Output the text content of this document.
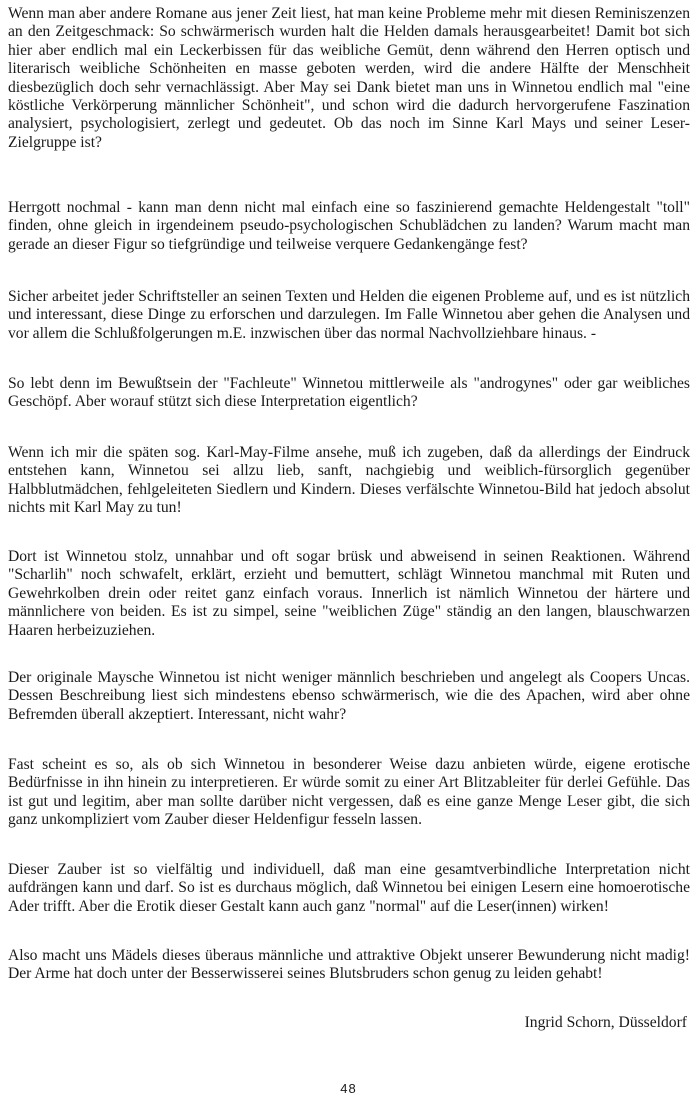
Wenn man aber andere Romane aus jener Zeit liest, hat man keine Probleme mehr mit diesen Reminiszenzen an den Zeitgeschmack: So schwärmerisch wurden halt die Helden damals herausgearbeitet! Damit bot sich hier aber endlich mal ein Leckerbissen für das weibliche Gemüt, denn während den Herren optisch und literarisch weibliche Schönheiten en masse geboten werden, wird die andere Hälfte der Menschheit diesbezüglich doch sehr vernachlässigt. Aber May sei Dank bietet man uns in Winnetou endlich mal "eine köstliche Verkörperung männlicher Schönheit", und schon wird die dadurch hervorgerufene Faszination analysiert, psychologisiert, zerlegt und gedeutet. Ob das noch im Sinne Karl Mays und seiner Leser-Zielgruppe ist?

Herrgott nochmal - kann man denn nicht mal einfach eine so faszinierend gemachte Heldengestalt "toll" finden, ohne gleich in irgendeinem pseudo-psychologischen Schublädchen zu landen? Warum macht man gerade an dieser Figur so tiefgründige und teilweise verquere Gedankengänge fest?

Sicher arbeitet jeder Schriftsteller an seinen Texten und Helden die eigenen Probleme auf, und es ist nützlich und interessant, diese Dinge zu erforschen und darzulegen. Im Falle Winnetou aber gehen die Analysen und vor allem die Schlußfolgerungen m.E. inzwischen über das normal Nachvollziehbare hinaus. -

So lebt denn im Bewußtsein der "Fachleute" Winnetou mittlerweile als "androgynes" oder gar weibliches Geschöpf. Aber worauf stützt sich diese Interpretation eigentlich?

Wenn ich mir die späten sog. Karl-May-Filme ansehe, muß ich zugeben, daß da allerdings der Eindruck entstehen kann, Winnetou sei allzu lieb, sanft, nachgiebig und weiblich-fürsorglich gegenüber Halbblutmädchen, fehlgeleiteten Siedlern und Kindern. Dieses verfälschte Winnetou-Bild hat jedoch absolut nichts mit Karl May zu tun!

Dort ist Winnetou stolz, unnahbar und oft sogar brüsk und abweisend in seinen Reaktionen. Während "Scharlih" noch schwafelt, erklärt, erzieht und bemuttert, schlägt Winnetou manchmal mit Ruten und Gewehrkolben drein oder reitet ganz einfach voraus. Innerlich ist nämlich Winnetou der härtere und männlichere von beiden. Es ist zu simpel, seine "weiblichen Züge" ständig an den langen, blauschwarzen Haaren herbeizuziehen.

Der originale Maysche Winnetou ist nicht weniger männlich beschrieben und angelegt als Coopers Uncas. Dessen Beschreibung liest sich mindestens ebenso schwärmerisch, wie die des Apachen, wird aber ohne Befremden überall akzeptiert. Interessant, nicht wahr?

Fast scheint es so, als ob sich Winnetou in besonderer Weise dazu anbieten würde, eigene erotische Bedürfnisse in ihn hinein zu interpretieren. Er würde somit zu einer Art Blitzableiter für derlei Gefühle. Das ist gut und legitim, aber man sollte darüber nicht vergessen, daß es eine ganze Menge Leser gibt, die sich ganz unkompliziert vom Zauber dieser Heldenfigur fesseln lassen.

Dieser Zauber ist so vielfältig und individuell, daß man eine gesamtverbindliche Interpretation nicht aufdrängen kann und darf. So ist es durchaus möglich, daß Winnetou bei einigen Lesern eine homoerotische Ader trifft. Aber die Erotik dieser Gestalt kann auch ganz "normal" auf die Leser(innen) wirken!

Also macht uns Mädels dieses überaus männliche und attraktive Objekt unserer Bewunderung nicht madig! Der Arme hat doch unter der Besserwisserei seines Blutsbruders schon genug zu leiden gehabt!

Ingrid Schorn, Düsseldorf

48
